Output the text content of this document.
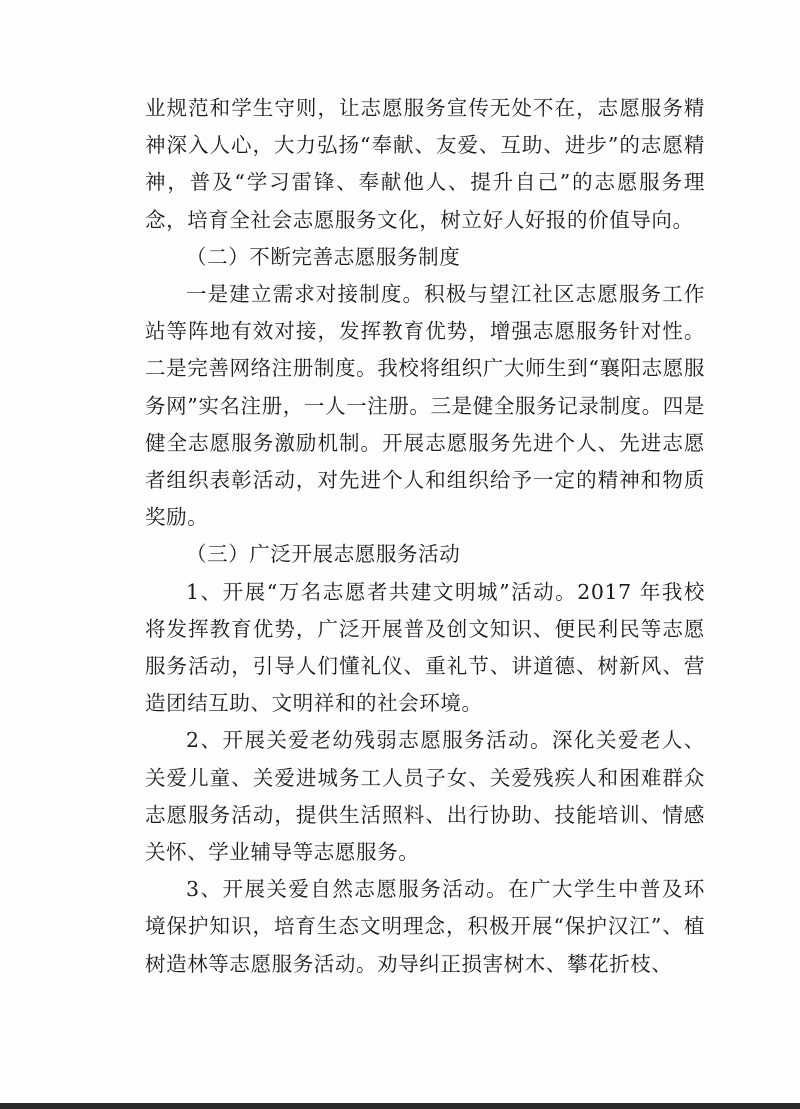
业规范和学生守则，让志愿服务宣传无处不在，志愿服务精神深入人心，大力弘扬“奉献、友爱、互助、进步”的志愿精神，普及“学习雷锋、奉献他人、提升自己”的志愿服务理念，培育全社会志愿服务文化，树立好人好报的价值导向。

（二）不断完善志愿服务制度

一是建立需求对接制度。积极与望江社区志愿服务工作站等阵地有效对接，发挥教育优势，增强志愿服务针对性。二是完善网络注册制度。我校将组织广大师生到“襄阳志愿服务网”实名注册，一人一注册。三是健全服务记录制度。四是健全志愿服务激励机制。开展志愿服务先进个人、先进志愿者组织表彰活动，对先进个人和组织给予一定的精神和物质奖励。

（三）广泛开展志愿服务活动

1、开展“万名志愿者共建文明城”活动。2017 年我校将发挥教育优势，广泛开展普及创文知识、便民利民等志愿服务活动，引导人们懂礼仪、重礼节、讲道德、树新风、营造团结互助、文明祥和的社会环境。

2、开展关爱老幼残弱志愿服务活动。深化关爱老人、关爱儿童、关爱进城务工人员子女、关爱残疾人和困难群众志愿服务活动，提供生活照料、出行协助、技能培训、情感关怀、学业辅导等志愿服务。

3、开展关爱自然志愿服务活动。在广大学生中普及环境保护知识，培育生态文明理念，积极开展“保护汉江”、植树造林等志愿服务活动。劝导纠正损害树木、攀花折枝、
